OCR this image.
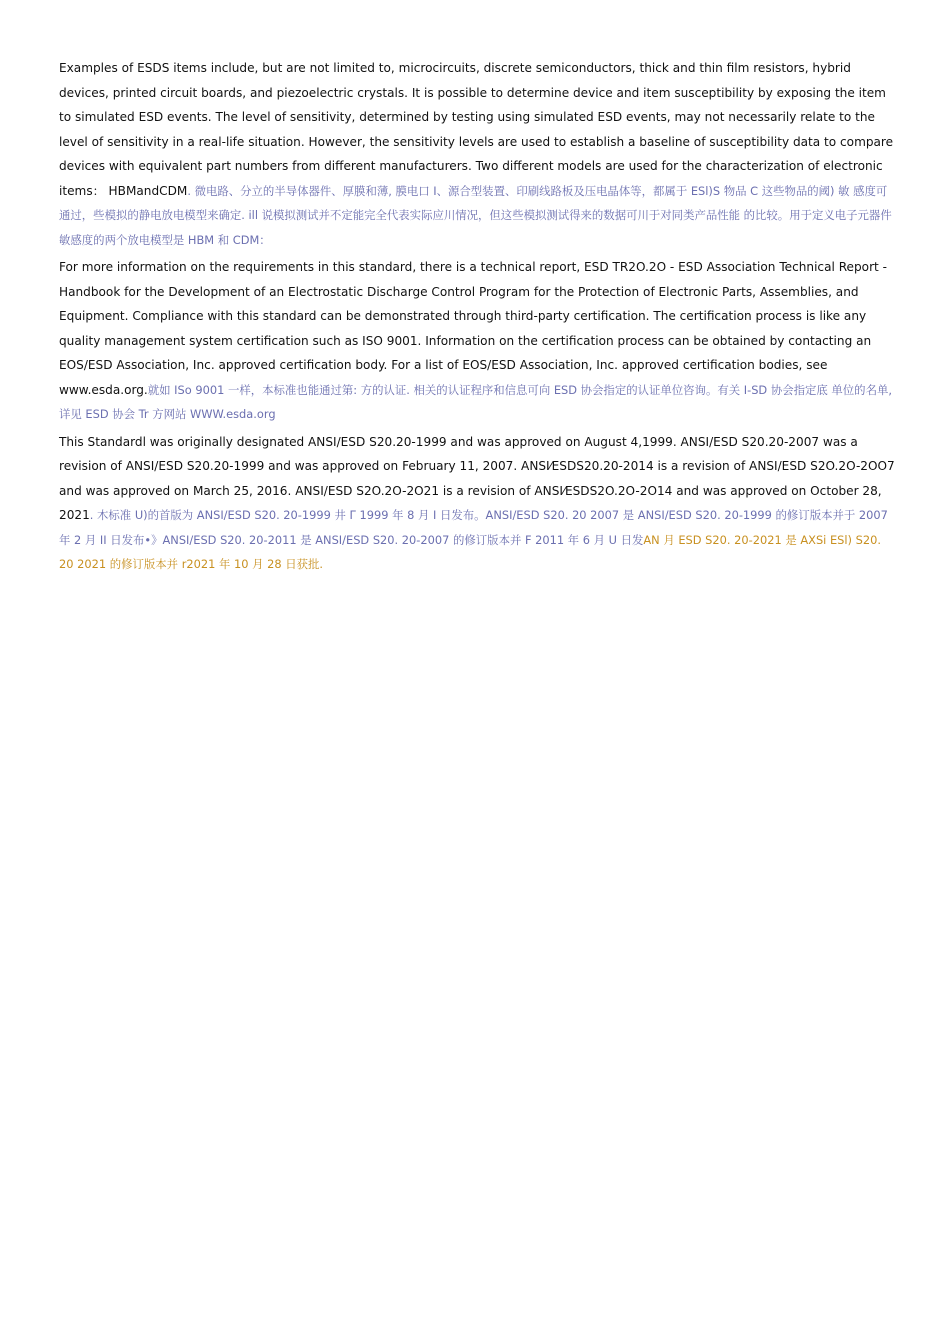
Examples of ESDS items include, but are not limited to, microcircuits, discrete semiconductors, thick and thin film resistors, hybrid devices, printed circuit boards, and piezoelectric crystals. It is possible to determine device and item susceptibility by exposing the item to simulated ESD events. The level of sensitivity, determined by testing using simulated ESD events, may not necessarily relate to the level of sensitivity in a real-life situation. However, the sensitivity levels are used to establish a baseline of susceptibility data to compare devices with equivalent part numbers from different manufacturers. Two different models are used for the characterization of electronic items： HBMandCDM. 微电路、分立的半导体器件、厚膜和薄, 膜电口 I、源合型装置、印刷线路板及压电晶体等，都属于 ESl)S 物品 C 这些物品的阈) 敏 感度可通过，些模拟的静电放电模型来确定. ill 说模拟测试并不定能完全代表实际应川情况，但这些模拟测试得来的数据可川于对同类产品性能 的比较。用于定义电子元器件敏感度的两个放电模型是 HBM 和 CDM：

For more information on the requirements in this standard, there is a technical report, ESD TR2O.2O - ESD Association Technical Report - Handbook for the Development of an Electrostatic Discharge Control Program for the Protection of Electronic Parts, Assemblies, and Equipment. Compliance with this standard can be demonstrated through third-party certification. The certification process is like any quality management system certification such as ISO 9001. Information on the certification process can be obtained by contacting an EOS/ESD Association, Inc. approved certification body. For a list of EOS/ESD Association, Inc. approved certification bodies, see www.esda.org.就如 ISo 9001 一样，本标准也能通过第: 方的认证. 相关的认证程序和信息可向 ESD 协会指定的认证单位咨询。有关 I-SD 协会指定底 单位的名单, 详见 ESD 协会 Tr 方网站 WWW.esda.org

This Standardl was originally designated ANSI/ESD S20.20-1999 and was approved on August 4,1999. ANSI/ESD S20.20-2007 was a revision of ANSI/ESD S20.20-1999 and was approved on February 11, 2007. ANSI⁄ESDS20.20-2014 is a revision of ANSI/ESD S2O.2O-2OO7 and was approved on March 25, 2016. ANSI/ESD S2O.2O-2O21 is a revision of ANSI⁄ESDS2O.2O-2O14 and was approved on October 28, 2021. 木标准 U)的首版为 ANSI/ESD S20. 20-1999 井 Γ 1999 年 8 月 I 日发布。ANSI/ESD S20. 20 2007 是 ANSI/ESD S20. 20-1999 的修订版本并于 2007 年 2 月 II 日发布•》ANSI/ESD S20. 20-2011 是 ANSI/ESD S20. 20-2007 的修订版本并 F 2011 年 6 月 U 日发AN 月 ESD S20. 20-2021 是 AXSi ESl) S20. 20 2021 的修订版本并 r2021 年 10 月 28 日获批.
